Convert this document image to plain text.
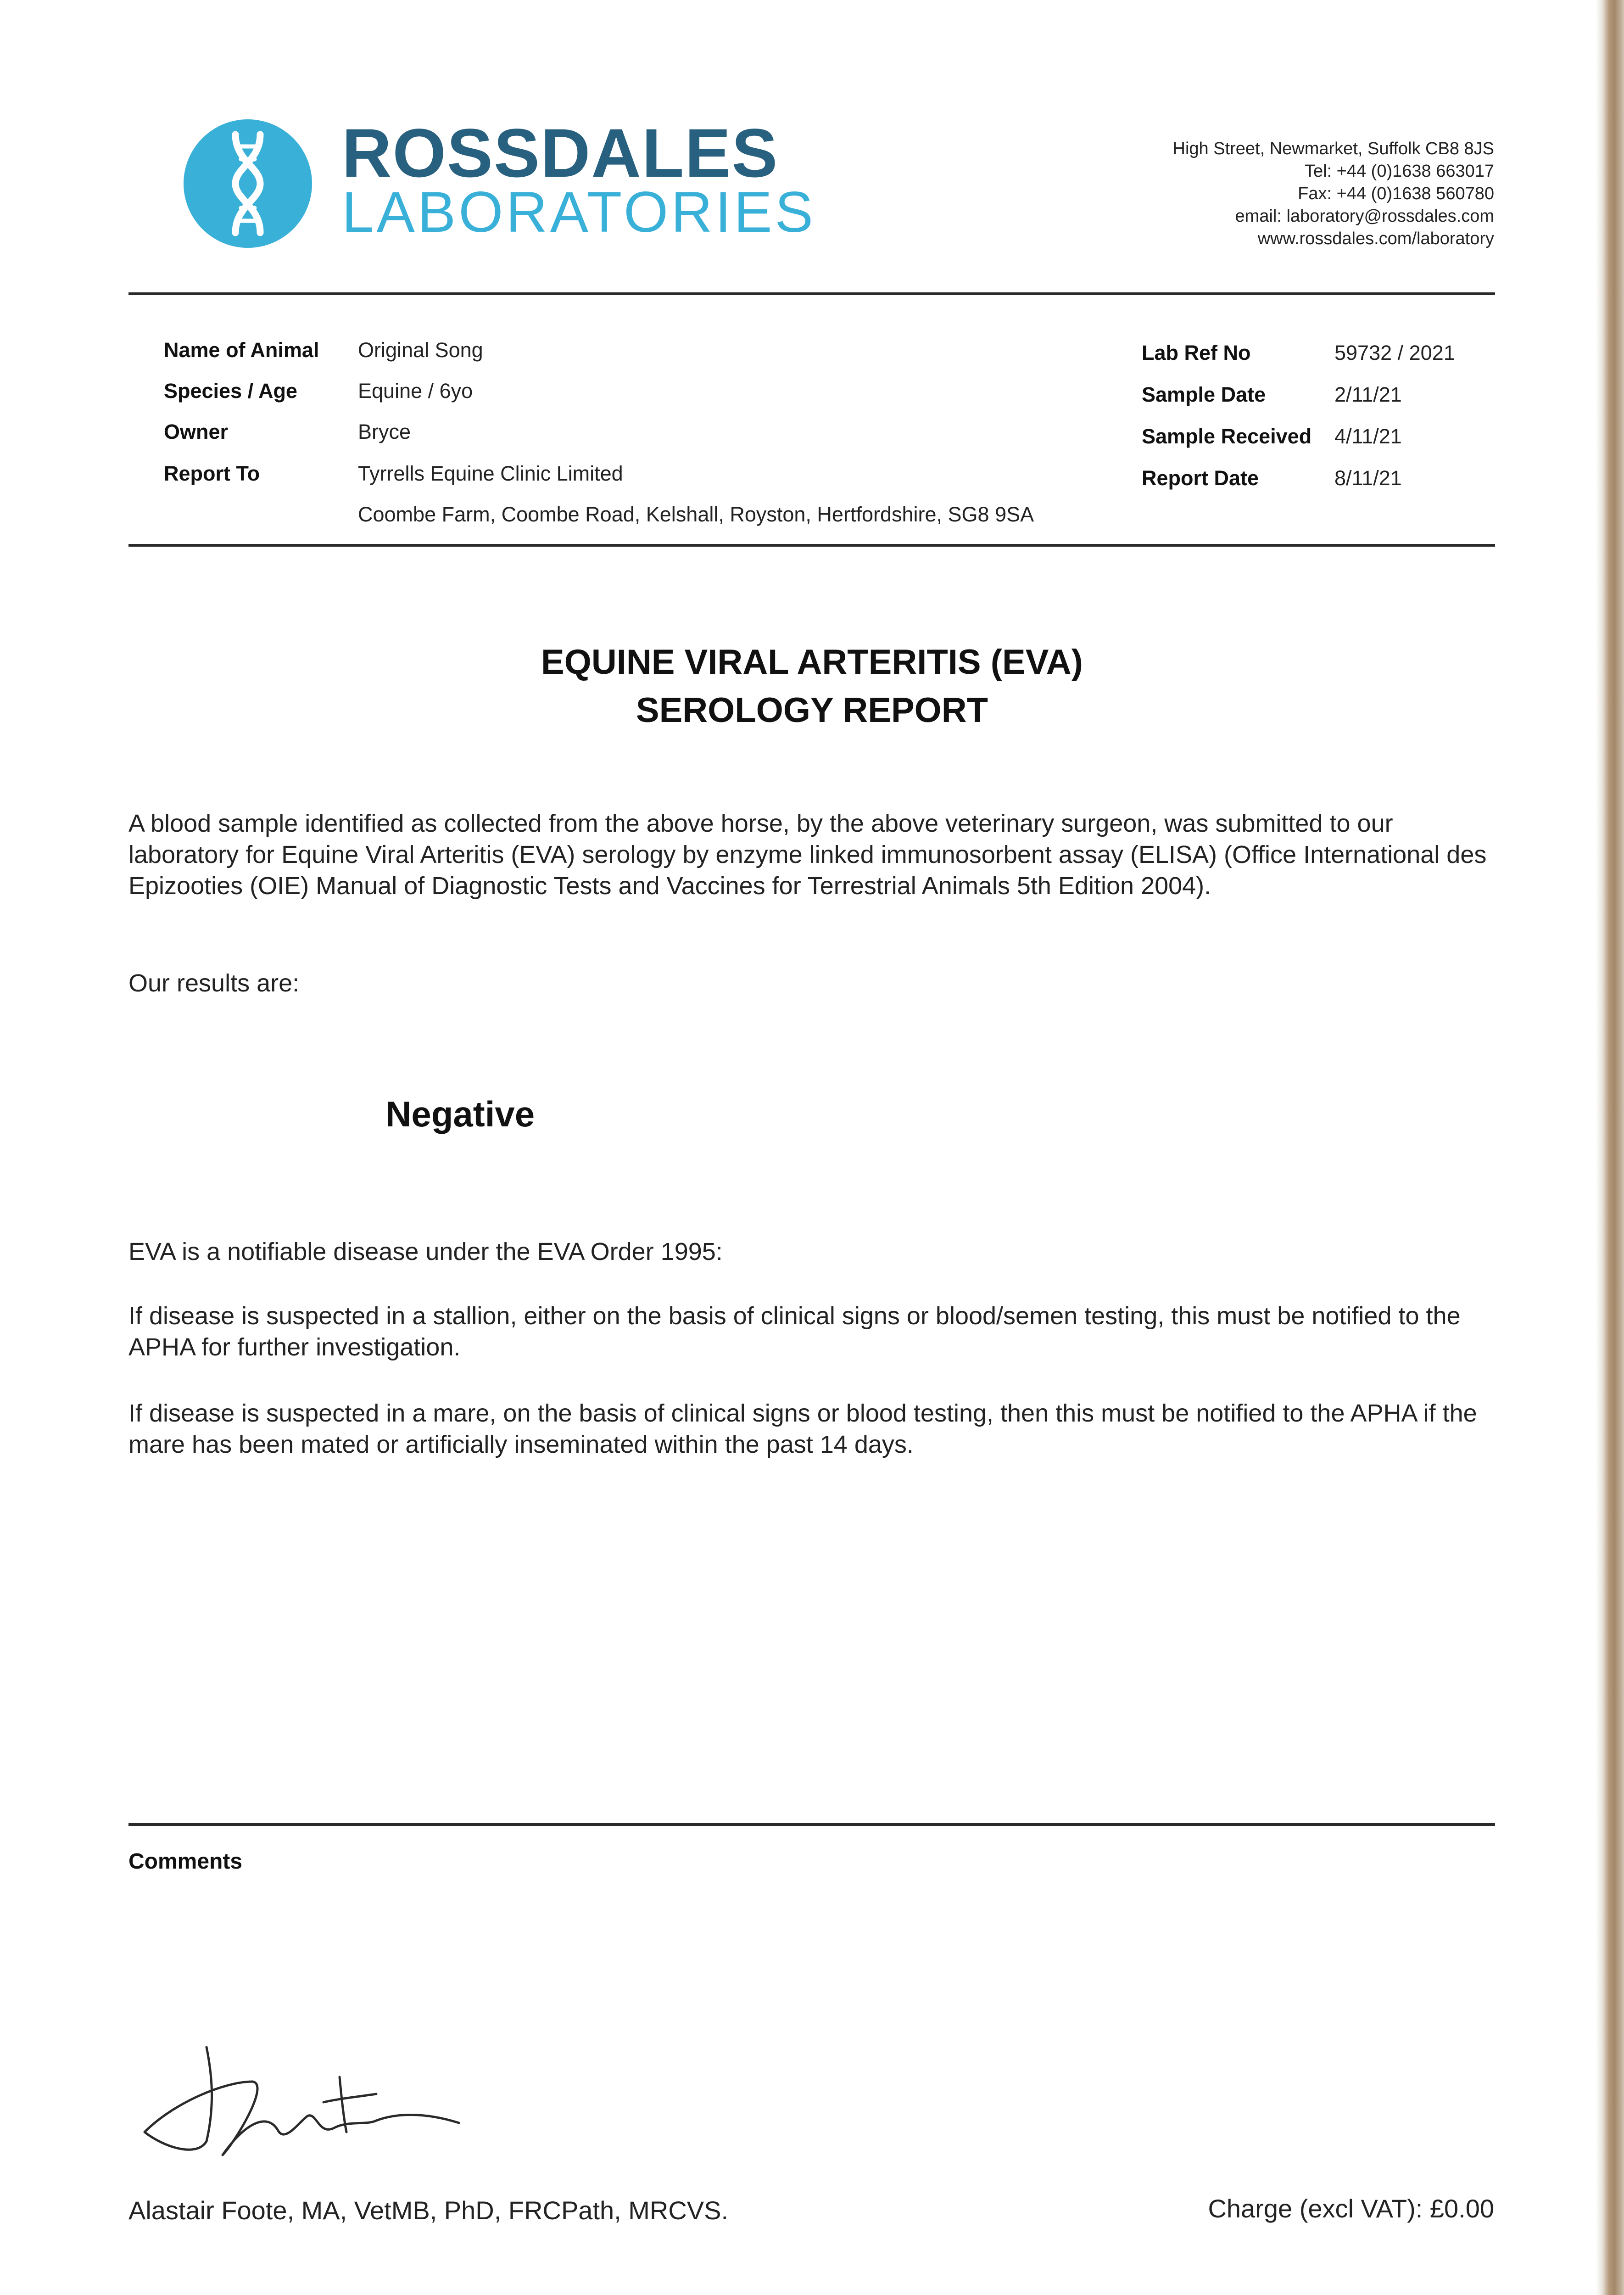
ROSSDALES
LABORATORIES
High Street, Newmarket, Suffolk CB8 8JS
Tel: +44 (0)1638 663017
Fax: +44 (0)1638 560780
email: laboratory@rossdales.com
www.rossdales.com/laboratory
Name of Animal Original Song
Species / Age	Equine / 6yo
Owner	Bryce
Report To	Tyrrells Equine Clinic Limited
Coombe Farm, Coombe Road, Kelshall, Royston, Hertfordshire, SG8 9SA
Lab Ref No	59732 / 2021
Sample Date	2/11/21
Sample Received 4/11/21
Report Date	8/11/21
EQUINE VIRAL ARTERITIS (EVA)
SEROLOGY REPORT
A blood sample identified as collected from the above horse, by the above veterinary surgeon, was submitted to our laboratory for Equine Viral Arteritis (EVA) serology by enzyme linked immunosorbent assay (ELISA) (Office International des Epizooties (OIE) Manual of Diagnostic Tests and Vaccines for Terrestrial Animals 5th Edition 2004).
Our results are:
Negative
EVA is a notifiable disease under the EVA Order 1995:
If disease is suspected in a stallion, either on the basis of clinical signs or blood/semen testing, this must be notified to the APHA for further investigation.
If disease is suspected in a mare, on the basis of clinical signs or blood testing, then this must be notified to the APHA if the mare has been mated or artificially inseminated within the past 14 days.
Comments
Alastair Foote, MA, VetMB, PhD, FRCPath, MRCVS.	Charge (excl VAT): £0.00
